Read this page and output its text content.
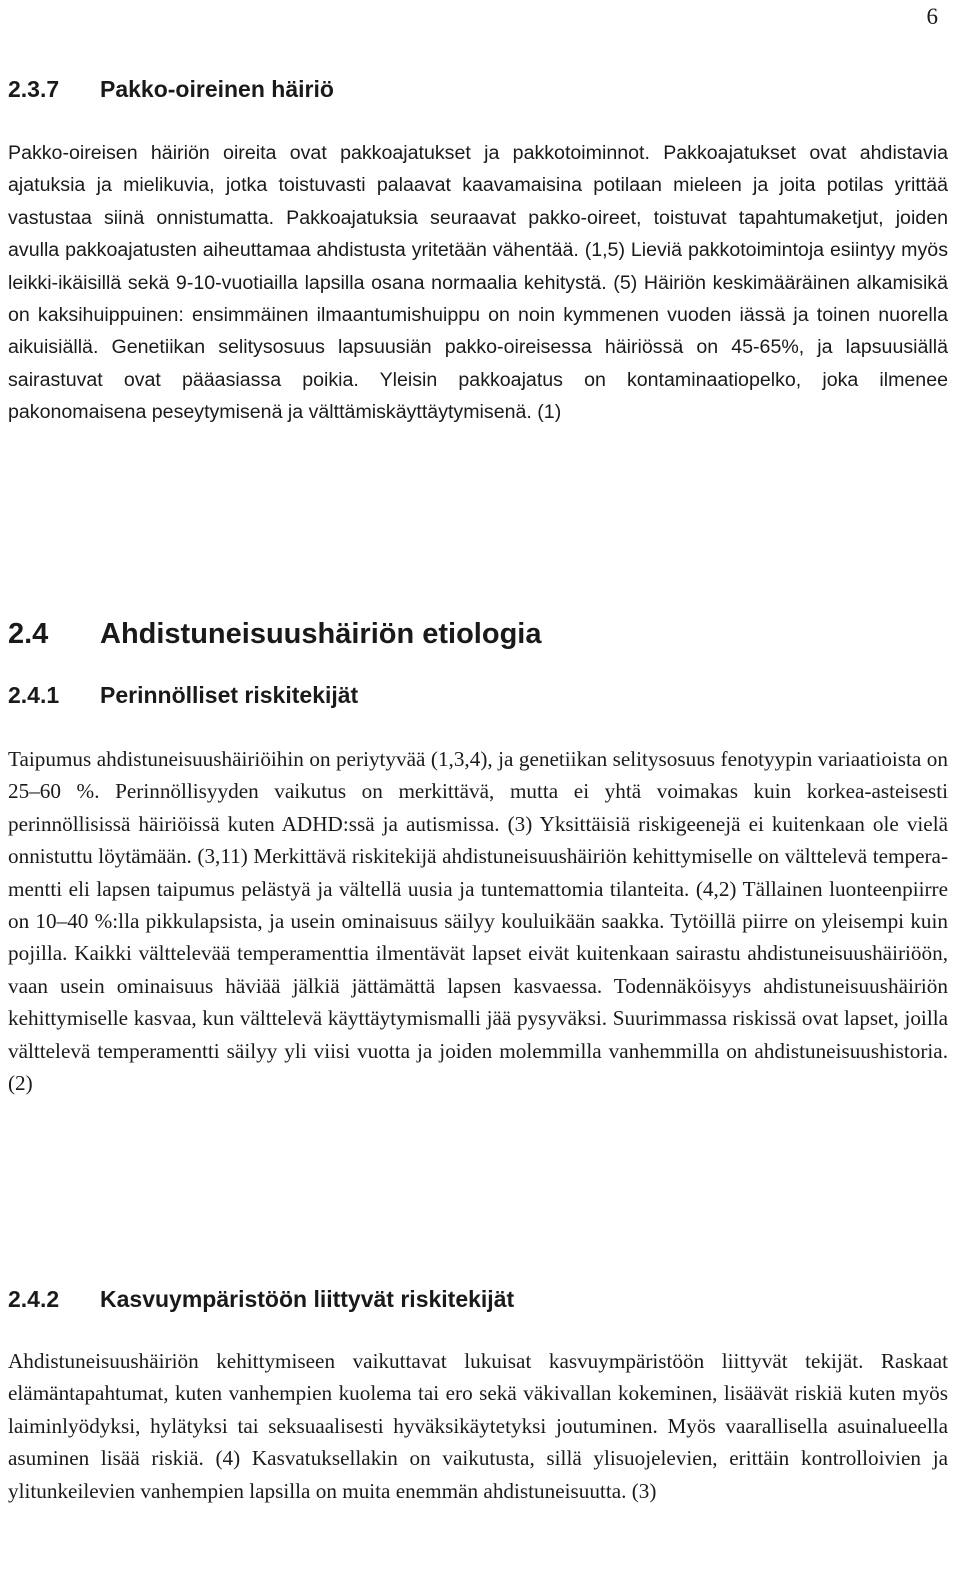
6
2.3.7 Pakko-oireinen häiriö

Pakko-oireisen häiriön oireita ovat pakkoajatukset ja pakkotoiminnot. Pakkoajatukset ovat ahdistavia ajatuksia ja mielikuvia, jotka toistuvasti palaavat kaavamaisina potilaan mieleen ja joita potilas yrittää vastustaa siinä onnistumatta. Pakkoajatuksia seuraavat pakko-oireet, toistuvat tapahtumaketjut, joiden avulla pakkoajatusten aiheuttamaa ahdistusta yritetään vähentää. (1,5) Lieviä pakkotoimintoja esiintyy myös leikki-ikäisillä sekä 9-10-vuotiailla lapsilla osana normaalia kehitystä. (5) Häiriön keskimääräinen alkamisikä on kaksihuippuinen: ensimmäinen ilmaantumishuippu on noin kymmenen vuoden iässä ja toinen nuorella aikuisiällä. Genetiikan selitysosuus lapsuusiän pakko-oireisessa häiriössä on 45-65%, ja lapsuusiällä sairastuvat ovat pääasiassa poikia. Yleisin pakkoajatus on kontaminaatiopelko, joka ilmenee pakonomaisena peseytymisenä ja välttämiskäyttäytymisenä. (1)

2.4 Ahdistuneisuushäiriön etiologia
2.4.1 Perinnölliset riskitekijät

Taipumus ahdistuneisuushäiriöihin on periytyvää (1,3,4), ja genetiikan selitysosuus fenotyypin variaatioista on 25–60 %. Perinnöllisyyden vaikutus on merkittävä, mutta ei yhtä voimakas kuin korkea-asteisesti perinnöllisissä häiriöissä kuten ADHD:ssä ja autismissa. (3) Yksittäisiä riskigeenejä ei kuitenkaan ole vielä onnistuttu löytämään. (3,11) Merkittävä riskitekijä ahdistuneisuushäiriön kehittymiselle on välttelevä temperamentti eli lapsen taipumus pelästyä ja vältellä uusia ja tuntemattomia tilanteita. (4,2) Tällainen luonteenpiirre on 10–40 %:lla pikkulapsista, ja usein ominaisuus säilyy kouluikään saakka. Tytöillä piirre on yleisempi kuin pojilla. Kaikki välttelevää temperamenttia ilmentävät lapset eivät kuitenkaan sairastu ahdistuneisuushäiriöön, vaan usein ominaisuus häviää jälkiä jättämättä lapsen kasvaessa. Todennäköisyys ahdistuneisuushäiriön kehittymiselle kasvaa, kun välttelevä käyttäytymismalli jää pysyväksi. Suurimmassa riskissä ovat lapset, joilla välttelevä temperamentti säilyy yli viisi vuotta ja joiden molemmilla vanhemmilla on ahdistuneisuushistoria. (2)

2.4.2 Kasvuympäristöön liittyvät riskitekijät

Ahdistuneisuushäiriön kehittymiseen vaikuttavat lukuisat kasvuympäristöön liittyvät tekijät. Raskaat elämäntapahtumat, kuten vanhempien kuolema tai ero sekä väkivallan kokeminen, lisäävät riskiä kuten myös laiminlyödyksi, hylätyksi tai seksuaalisesti hyväksikäytetyksi joutuminen. Myös vaarallisella asuinalueella asuminen lisää riskiä. (4) Kasvatuksellakin on vaikutusta, sillä ylisuojelevien, erittäin kontrolloivien ja ylitunkeilevien vanhempien lapsilla on muita enemmän ahdistuneisuutta. (3)
